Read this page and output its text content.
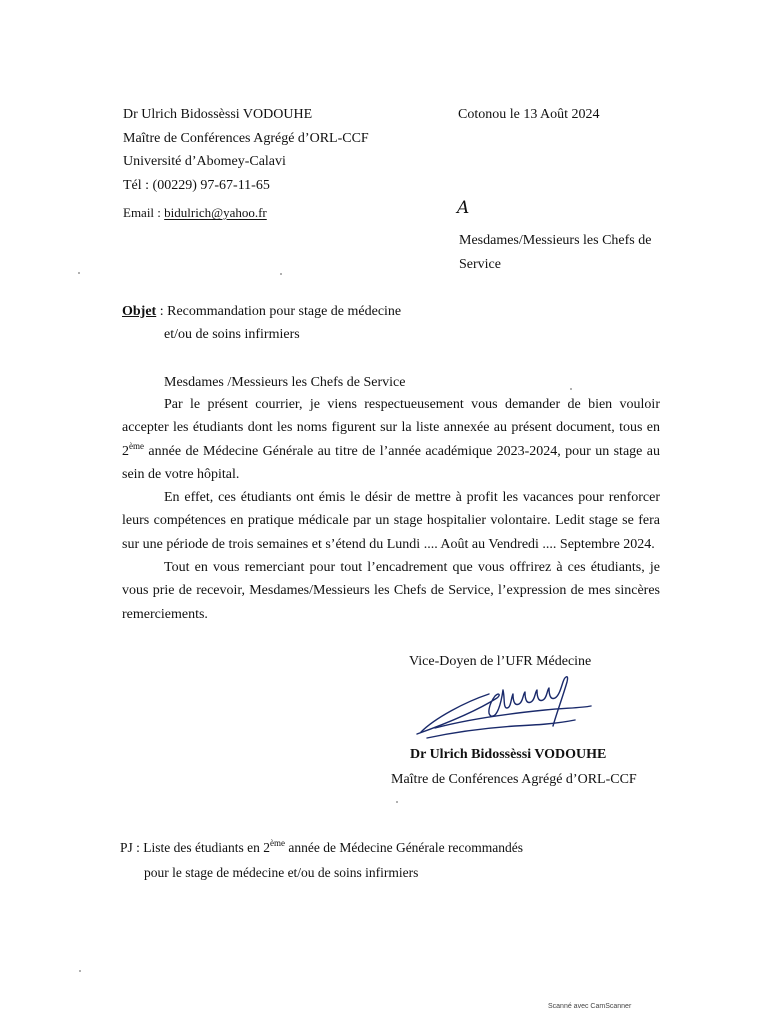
Dr Ulrich Bidossèssi VODOUHE
Maître de Conférences Agrégé d’ORL-CCF
Université d’Abomey-Calavi
Tél : (00229) 97-67-11-65
Email : bidulrich@yahoo.fr
Cotonou le 13 Août 2024
A
Mesdames/Messieurs les Chefs de
Service
Objet : Recommandation pour stage de médecine
et/ou de soins infirmiers
Mesdames /Messieurs les Chefs de Service

Par le présent courrier, je viens respectueusement vous demander de bien vouloir accepter les étudiants dont les noms figurent sur la liste annexée au présent document, tous en 2ème année de Médecine Générale au titre de l’année académique 2023-2024, pour un stage au sein de votre hôpital.

En effet, ces étudiants ont émis le désir de mettre à profit les vacances pour renforcer leurs compétences en pratique médicale par un stage hospitalier volontaire. Ledit stage se fera sur une période de trois semaines et s’étend du Lundi .... Août au Vendredi .... Septembre 2024.

Tout en vous remerciant pour tout l’encadrement que vous offrirez à ces étudiants, je vous prie de recevoir, Mesdames/Messieurs les Chefs de Service, l’expression de mes sincères remerciements.

Vice-Doyen de l’UFR Médecine
Dr Ulrich Bidossèssi VODOUHE
Maître de Conférences Agrégé d’ORL-CCF
PJ : Liste des étudiants en 2ème année de Médecine Générale recommandés
pour le stage de médecine et/ou de soins infirmiers
Scanné avec CamScanner
